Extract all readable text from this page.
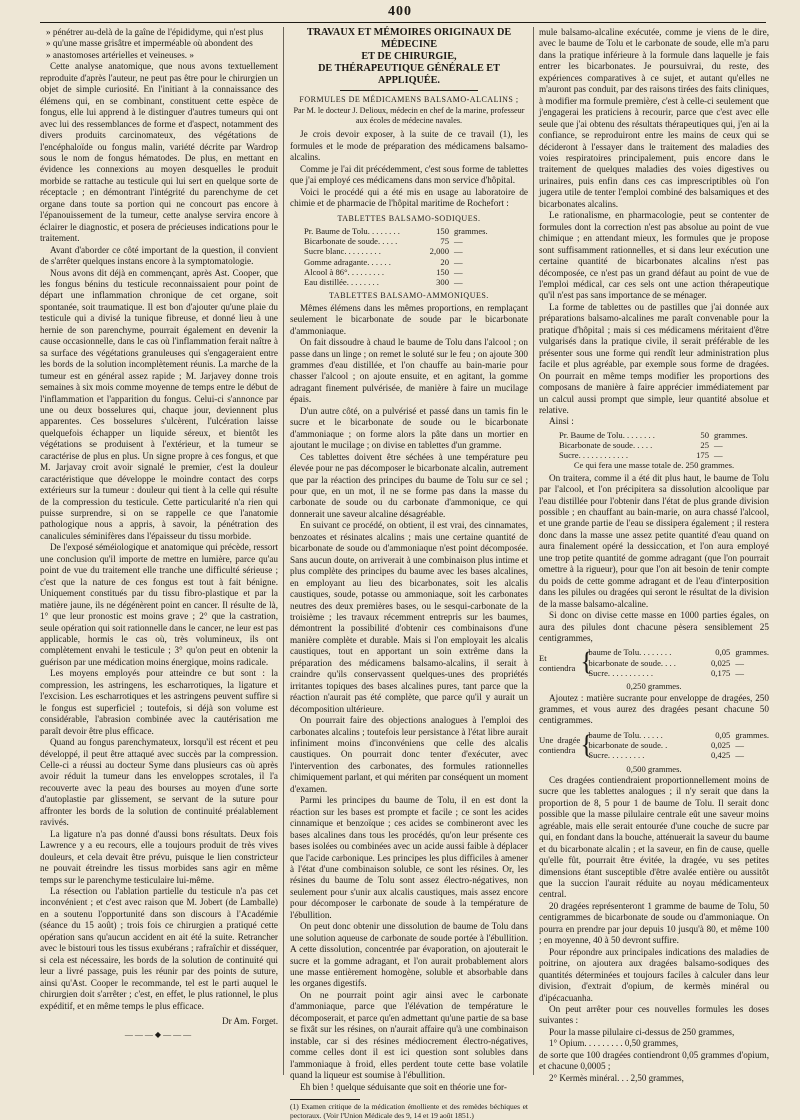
400

» pénétrer au-delà de la gaîne de l'épididyme, qui n'est plus

» qu'une masse grisâtre et imperméable où abondent des

» anastomoses artérielles et veineuses. »

Cette analyse anatomique, que nous avons textuellement reproduite d'après l'auteur, ne peut pas être pour le chirurgien un objet de simple curiosité. En l'initiant à la connaissance des élémens qui, en se combinant, constituent cette espèce de fongus, elle lui apprend à le distinguer d'autres tumeurs qui ont avec lui des ressemblances de forme et d'aspect, notamment des divers produits carcinomateux, des végétations de l'encéphaloïde ou fongus malin, variété décrite par Wardrop sous le nom de fongus hématodes. De plus, en mettant en évidence les connexions au moyen desquelles le produit morbide se rattache au testicule qui lui sert en quelque sorte de réceptacle ; en démontrant l'intégrité du parenchyme de cet organe dans toute sa portion qui ne concourt pas encore à l'épanouissement de la tumeur, cette analyse servira encore à éclairer le diagnostic, et posera de précieuses indications pour le traitement.

Avant d'aborder ce côté important de la question, il convient de s'arrêter quelques instans encore à la symptomatologie.

Nous avons dit déjà en commençant, après Ast. Cooper, que les fongus bénins du testicule reconnaissaient pour point de départ une inflammation chronique de cet organe, soit spontanée, soit traumatique. Il est bon d'ajouter qu'une plaie du testicule qui a divisé la tunique fibreuse, et donné lieu à une hernie de son parenchyme, pourrait également en devenir la cause occasionnelle, dans le cas où l'inflammation ferait naître à sa surface des végétations granuleuses qui s'engageraient entre les bords de la solution incomplètement réunis. La marche de la tumeur est en général assez rapide ; M. Jarjavey donne trois semaines à six mois comme moyenne de temps entre le début de l'inflammation et l'apparition du fongus. Celui-ci s'annonce par une ou deux bosselures qui, chaque jour, deviennent plus apparentes. Ces bosselures s'ulcèrent, l'ulcération laisse quelquefois échapper un liquide séreux, et bientôt les végétations se produisent à l'extérieur, et la tumeur se caractérise de plus en plus. Un signe propre à ces fongus, et que M. Jarjavay croit avoir signalé le premier, c'est la douleur caractéristique que développe le moindre contact des corps extérieurs sur la tumeur : douleur qui tient à la celle qui résulte de la compression du testicule. Cette particularité n'a rien qui puisse surprendre, si on se rappelle ce que l'anatomie pathologique nous a appris, à savoir, la pénétration des canalicules séminifères dans l'épaisseur du tissu morbide.

De l'exposé séméiologique et anatomique qui précède, ressort une conclusion qu'il importe de mettre en lumière, parce qu'au point de vue du traitement elle tranche une difficulté sérieuse ; c'est que la nature de ces fongus est tout à fait bénigne. Uniquement constitués par du tissu fibro-plastique et par la matière jaune, ils ne dégénèrent point en cancer. Il résulte de là, 1° que leur pronostic est moins grave ; 2° que la castration, seule opération qui soit rationnelle dans le cancer, ne leur est pas applicable, hormis le cas où, très volumineux, ils ont complètement envahi le testicule ; 3° qu'on peut en obtenir la guérison par une médication moins énergique, moins radicale.

Les moyens employés pour atteindre ce but sont : la compression, les astringens, les escharrotiques, la ligature et l'excision. Les escharrotiques et les astringens peuvent suffire si le fongus est superficiel ; toutefois, si déjà son volume est considérable, l'abrasion combinée avec la cautérisation me paraît devoir être plus efficace.

Quand au fongus parenchymateux, lorsqu'il est récent et peu développé, il peut être attaqué avec succès par la compression. Celle-ci a réussi au docteur Syme dans plusieurs cas où après avoir réduit la tumeur dans les enveloppes scrotales, il l'a recouverte avec la peau des bourses au moyen d'une sorte d'autoplastie par glissement, se servant de la suture pour affronter les bords de la solution de continuité préalablement ravivés.

La ligature n'a pas donné d'aussi bons résultats. Deux fois Lawrence y a eu recours, elle a toujours produit de très vives douleurs, et cela devait être prévu, puisque le lien constricteur ne pouvait étreindre les tissus morbides sans agir en même temps sur le parenchyme testiculaire lui-même.

La résection ou l'ablation partielle du testicule n'a pas cet inconvénient ; et c'est avec raison que M. Jobert (de Lamballe) en a soutenu l'opportunité dans son discours à l'Académie (séance du 15 août) ; trois fois ce chirurgien a pratiqué cette opération sans qu'aucun accident en ait été la suite. Retrancher avec le bistouri tous les tissus exubérans ; rafraîchir et disséquer, si cela est nécessaire, les bords de la solution de continuité qui leur a livré passage, puis les réunir par des points de suture, ainsi qu'Ast. Cooper le recommande, tel est le parti auquel le chirurgien doit s'arrêter ; c'est, en effet, le plus rationnel, le plus expéditif, et en même temps le plus efficace.

Dr Am. Forget.

———◆———
TRAVAUX ET MÉMOIRES ORIGINAUX DE MÉDECINE
ET DE CHIRURGIE,
DE THÉRAPEUTIQUE GÉNÉRALE ET APPLIQUÉE.
FORMULES DE MÉDICAMENS BALSAMO-ALCALINS ;
Par M. le docteur J. Delioux, médecin en chef de la marine, professeur aux écoles de médecine navales.

Je crois devoir exposer, à la suite de ce travail (1), les formules et le mode de préparation des médicamens balsamo-alcalins.

Comme je l'ai dit précédemment, c'est sous forme de tablettes que j'ai employé ces médicamens dans mon service d'hôpital.

Voici le procédé qui a été mis en usage au laboratoire de chimie et de pharmacie de l'hôpital maritime de Rochefort :

TABLETTES BALSAMO-SODIQUES.
Pr. Baume de Tolu. . . . . . . .	150 grammes.
Bicarbonate de soude. . . . .	75 —
Sucre blanc. . . . . . . . .	2,000 —
Gomme adragante. . . . . .	20 —
Alcool à 86°. . . . . . . . .	150 —
Eau distillée. . . . . . . .	300 —
TABLETTES BALSAMO-AMMONIQUES.

Mêmes élémens dans les mêmes proportions, en remplaçant seulement le bicarbonate de soude par le bicarbonate d'ammoniaque.

On fait dissoudre à chaud le baume de Tolu dans l'alcool ; on passe dans un linge ; on remet le soluté sur le feu ; on ajoute 300 grammes d'eau distillée, et l'on chauffe au bain-marie pour chasser l'alcool ; on ajoute ensuite, et en agitant, la gomme adragant finement pulvérisée, de manière à faire un mucilage épais.

D'un autre côté, on a pulvérisé et passé dans un tamis fin le sucre et le bicarbonate de soude ou le bicarbonate d'ammoniaque ; on forme alors la pâte dans un mortier en ajoutant le mucilage ; on divise en tablettes d'un gramme.

Ces tablettes doivent être séchées à une température peu élevée pour ne pas décomposer le bicarbonate alcalin, autrement que par la réaction des principes du baume de Tolu sur ce sel ; pour que, en un mot, il ne se forme pas dans la masse du carbonate de soude ou du carbonate d'ammonique, ce qui donnerait une saveur alcaline désagréable.

En suivant ce procédé, on obtient, il est vrai, des cinnamates, benzoates et résinates alcalins ; mais une certaine quantité de bicarbonate de soude ou d'ammoniaque n'est point décomposée. Sans aucun doute, on arriverait à une combinaison plus intime et plus complète des principes du baume avec les bases alcalines, en employant au lieu des bicarbonates, soit les alcalis caustiques, soude, potasse ou ammoniaque, soit les carbonates neutres des deux premières bases, ou le sesqui-carbonate de la troisième ; les travaux récemment entrepris sur les baumes, démontrent la possibilité d'obtenir ces combinaisons d'une manière complète et durable. Mais si l'on employait les alcalis caustiques, tout en apportant un soin extrême dans la préparation des médicamens balsamo-alcalins, il serait à craindre qu'ils conservassent quelques-unes des propriétés irritantes topiques des bases alcalines pures, tant parce que la réaction n'aurait pas été complète, que parce qu'il y aurait un décomposition ultérieure.

On pourrait faire des objections analogues à l'emploi des carbonates alcalins ; toutefois leur persistance à l'état libre aurait infiniment moins d'inconvéniens que celle des alcalis caustiques. On pourrait donc tenter d'exécuter, avec l'intervention des carbonates, des formules rationnelles chimiquement parlant, et qui mériten par conséquent un moment d'examen.

Parmi les principes du baume de Tolu, il en est dont la réaction sur les bases est prompte et facile ; ce sont les acides cinnamique et benzoïque ; ces acides se combineront avec les bases alcalines dans tous les procédés, qu'on leur présente ces bases isolées ou combinées avec un acide aussi faible à déplacer que l'acide carbonique. Les principes les plus difficiles à amener à l'état d'une combinaison soluble, ce sont les résines. Or, les résines du baume de Tolu sont assez électro-négatives, non seulement pour s'unir aux alcalis caustiques, mais assez encore pour décomposer le carbonate de soude à la température de l'ébullition.

On peut donc obtenir une dissolution de baume de Tolu dans une solution aqueuse de carbonate de soude portée à l'ébullition. A cette dissolution, concentrée par évaporation, on ajouterait le sucre et la gomme adragant, et l'on aurait probablement alors une masse entièrement homogène, soluble et absorbable dans les organes digestifs.

On ne pourrait point agir ainsi avec le carbonate d'ammoniaque, parce que l'élévation de température le décomposerait, et parce qu'en admettant qu'une partie de sa base se fixât sur les résines, on n'aurait affaire qu'à une combinaison instable, car si des résines médiocrement électro-négatives, comme celles dont il est ici question sont solubles dans l'ammoniaque à froid, elles perdent toute cette base volatile quand la liqueur est soumise à l'ébullition.

Eh bien ! quelque séduisante que soit en théorie une for-

(1) Examen critique de la médication émolliente et des remèdes béchiques et pectoraux. (Voir l'Union Médicale des 9, 14 et 19 août 1851.)

mule balsamo-alcaline exécutée, comme je viens de le dire, avec le baume de Tolu et le carbonate de soude, elle m'a paru dans la pratique inférieure à la formule dans laquelle je fais entrer les bicarbonates. Je poursuivrai, du reste, des expériences comparatives à ce sujet, et autant qu'elles ne m'auront pas conduit, par des raisons tirées des faits cliniques, à modifier ma formule première, c'est à celle-ci seulement que j'engagerai les praticiens à recourir, parce que c'est avec elle seule que j'ai obtenu des résultats thérapeutiques qui, j'en ai la confiance, se reproduiront entre les mains de ceux qui se décideront à l'essayer dans le traitement des maladies des voies respiratoires principalement, puis encore dans le traitement de quelques maladies des voies digestives ou urinaires, puis enfin dans ces cas imprescriptibles où l'on jugera utile de tenter l'emploi combiné des balsamiques et des bicarbonates alcalins.

Le rationalisme, en pharmacologie, peut se contenter de formules dont la correction n'est pas absolue au point de vue chimique ; en attendant mieux, les formules que je propose sont suffisamment rationnelles, et si dans leur exécution une certaine quantité de bicarbonates alcalins n'est pas décomposée, ce n'est pas un grand défaut au point de vue de l'emploi médical, car ces sels ont une action thérapeutique qu'il n'est pas sans importance de se ménager.

La forme de tablettes ou de pastilles que j'ai donnée aux préparations balsamo-alcalines me paraît convenable pour la pratique d'hôpital ; mais si ces médicamens méritaient d'être vulgarisés dans la pratique civile, il serait préférable de les présenter sous une forme qui rendît leur administration plus facile et plus agréable, par exemple sous forme de dragées. On pourrait en même temps modifier les proportions des composans de manière à faire apprécier immédiatement par un calcul aussi prompt que simple, leur quantité absolue et relative.

Ainsi :

Pr. Baume de Tolu. . . . . . . .	50 grammes.
Bicarbonate de soude. . . . .	25 —
Sucre. . . . . . . . . . . .	175 —
Ce qui fera une masse totale de. 250 grammes.

On traitera, comme il a été dit plus haut, le baume de Tolu par l'alcool, et l'on précipitera sa dissolution alcoolique par l'eau distillée pour l'obtenir dans l'état de plus grande division possible ; en chauffant au bain-marie, on aura chassé l'alcool, et une grande partie de l'eau se dissipera également ; il restera donc dans la masse une assez petite quantité d'eau quand on aura finalement opéré la dessiccation, et l'on aura employé une trop petite quantité de gomme adragant (que l'on pourrait omettre à la rigueur), pour que l'on ait besoin de tenir compte du poids de cette gomme adragant et de l'eau d'interposition dans les pilules ou dragées qui seront le résultat de la division de la masse balsamo-alcaline.

Si donc on divise cette masse en 1000 parties égales, on aura des pilules dont chacune pèsera sensiblement 25 centigrammes,

Et contiendra {
baume de Tolu. . . . . . . .	0,05 grammes.
bicarbonate de soude. . . .	0,025 —
Sucre. . . . . . . . . . .	0,175 —
0,250 grammes.

Ajoutez : matière sucrante pour enveloppe de dragées, 250 grammes, et vous aurez des dragées pesant chacune 50 centigrammes.

Une dragée contiendra {
baume de Tolu. . . . . .	0,05 grammes.
bicarbonate de soude. .	0,025 —
Sucre. . . . . . . . .	0,425 —
0,500 grammes.

Ces dragées contiendraient proportionnellement moins de sucre que les tablettes analogues ; il n'y serait que dans la proportion de 8, 5 pour 1 de baume de Tolu. Il serait donc possible que la masse pilulaire centrale eût une saveur moins agréable, mais elle serait entourée d'une couche de sucre par qui, en fondant dans la bouche, atténuerait la saveur du baume et du bicarbonate alcalin ; et la saveur, en fin de cause, quelle qu'elle fût, pourrait être évitée, la dragée, vu ses petites dimensions étant susceptible d'être avalée entière ou aussitôt que la succion l'aurait réduite au noyau médicamenteux central.

20 dragées représenteront 1 gramme de baume de Tolu, 50 centigrammes de bicarbonate de soude ou d'ammoniaque. On pourra en prendre par jour depuis 10 jusqu'à 80, et même 100 ; en moyenne, 40 à 50 devront suffire.

Pour répondre aux principales indications des maladies de poitrine, on ajoutera aux dragées balsamo-sodiques des quantités déterminées et toujours faciles à calculer dans leur division, d'extrait d'opium, de kermès minéral ou d'ipécacuanha.

On peut arrêter pour ces nouvelles formules les doses suivantes :

Pour la masse pilulaire ci-dessus de 250 grammes,

1° Opium. . . . . . . . . 0,50 grammes,

de sorte que 100 dragées contiendront 0,05 grammes d'opium, et chacune 0,0005 ;

2° Kermès minéral. . . 2,50 grammes,
